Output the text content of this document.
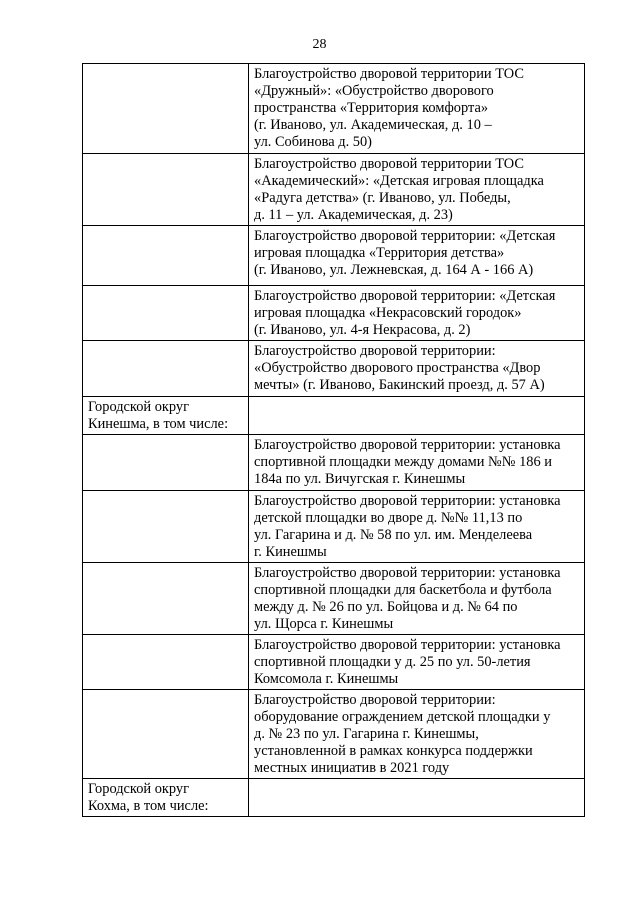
28

	Благоустройство дворовой территории ТОС
«Дружный»: «Обустройство дворового
пространства «Территория комфорта»
(г. Иваново, ул. Академическая, д. 10 –
ул. Собинова д. 50)

	Благоустройство дворовой территории ТОС
«Академический»: «Детская игровая площадка
«Радуга детства» (г. Иваново, ул. Победы,
д. 11 – ул. Академическая, д. 23)

	Благоустройство дворовой территории: «Детская
игровая площадка «Территория детства»
(г. Иваново, ул. Лежневская, д. 164 А - 166 А)

	Благоустройство дворовой территории: «Детская
игровая площадка «Некрасовский городок»
(г. Иваново, ул. 4-я Некрасова, д. 2)

	Благоустройство дворовой территории:
«Обустройство дворового пространства «Двор
мечты» (г. Иваново, Бакинский проезд, д. 57 А)

Городской округ
Кинешма, в том числе:	

	Благоустройство дворовой территории: установка
спортивной площадки между домами №№ 186 и
184а по ул. Вичугская г. Кинешмы

	Благоустройство дворовой территории: установка
детской площадки во дворе д. №№ 11,13 по
ул. Гагарина и д. № 58 по ул. им. Менделеева
г. Кинешмы

	Благоустройство дворовой территории: установка
спортивной площадки для баскетбола и футбола
между д. № 26 по ул. Бойцова и д. № 64 по
ул. Щорса г. Кинешмы

	Благоустройство дворовой территории: установка
спортивной площадки у д. 25 по ул. 50-летия
Комсомола г. Кинешмы

	Благоустройство дворовой территории:
оборудование ограждением детской площадки у
д. № 23 по ул. Гагарина г. Кинешмы,
установленной в рамках конкурса поддержки
местных инициатив в 2021 году

Городской округ
Кохма, в том числе:	
